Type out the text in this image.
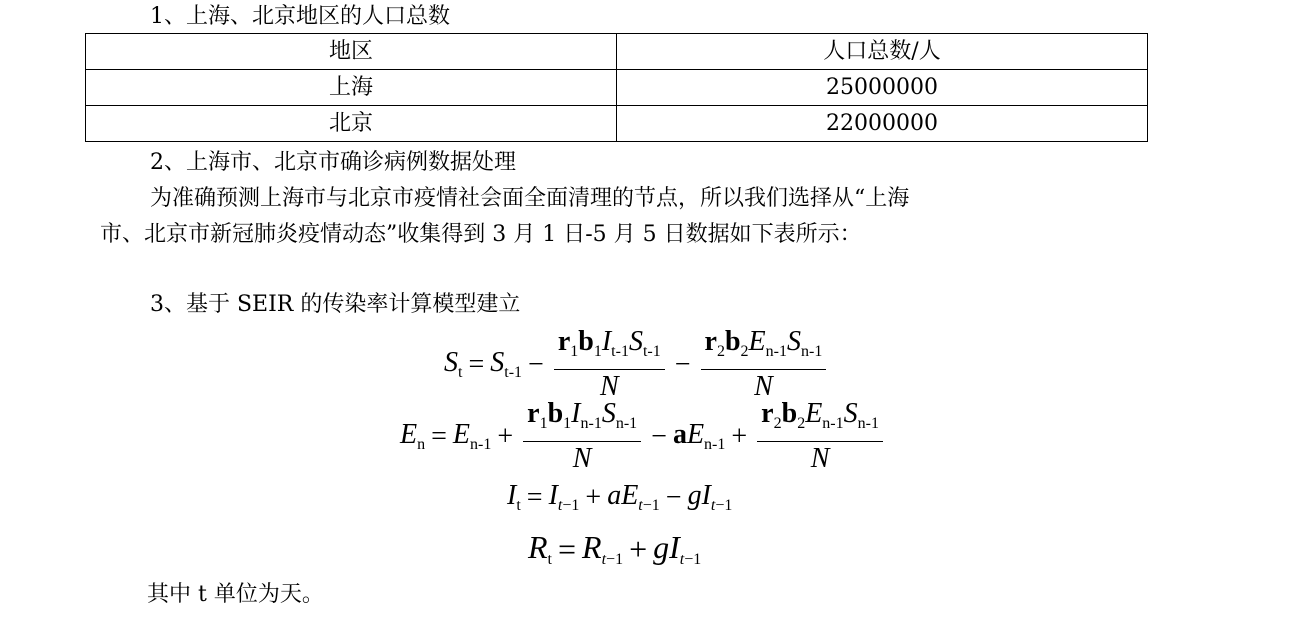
1、上海、北京地区的人口总数
地区	人口总数/人
上海	25000000
北京	22000000
2、上海市、北京市确诊病例数据处理
为准确预测上海市与北京市疫情社会面全面清理的节点，所以我们选择从“上海
市、北京市新冠肺炎疫情动态”收集得到 3 月 1 日-5 月 5 日数据如下表所示：
3、基于 SEIR 的传染率计算模型建立
$S_t = S_{t-1} - \frac{r_1b_1I_{t-1}S_{t-1}}{N} - \frac{r_2b_2E_{n-1}S_{n-1}}{N}$
$E_n = E_{n-1} + \frac{r_1b_1I_{n-1}S_{n-1}}{N} - aE_{n-1} + \frac{r_2b_2E_{n-1}S_{n-1}}{N}$
$I_t = I_{t-1} + aE_{t-1} - gI_{t-1}$
$R_t = R_{t-1} + gI_{t-1}$
其中 t 单位为天。
